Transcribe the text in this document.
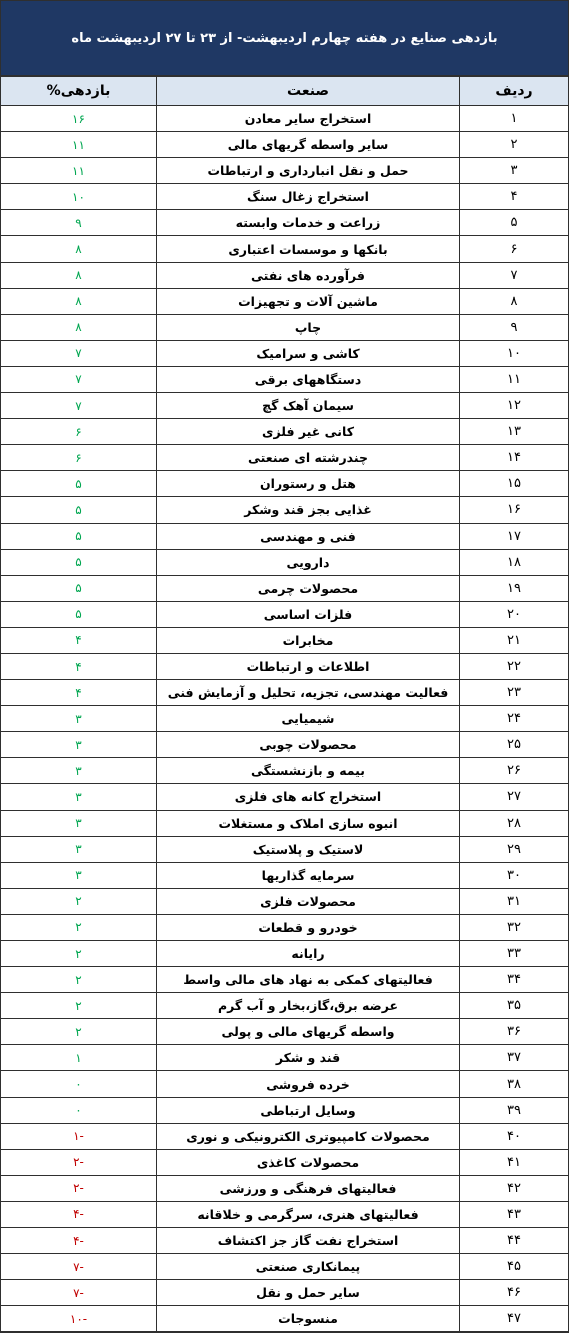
بازدهی صنایع در هفته چهارم اردیبهشت- از ۲۳ تا ۲۷ اردیبهشت ماه
ردیف	صنعت	بازدهی%
۱	استخراج سایر معادن	۱۶
۲	سایر واسطه گریهای مالی	۱۱
۳	حمل و نقل انبارداری و ارتباطات	۱۱
۴	استخراج زغال سنگ	۱۰
۵	زراعت و خدمات وابسته	۹
۶	بانکها و موسسات اعتباری	۸
۷	فرآورده های نفتی	۸
۸	ماشین آلات و تجهیزات	۸
۹	چاپ	۸
۱۰	کاشی و سرامیک	۷
۱۱	دستگاههای برقی	۷
۱۲	سیمان آهک گچ	۷
۱۳	کانی غیر فلزی	۶
۱۴	چندرشته ای صنعتی	۶
۱۵	هتل و رستوران	۵
۱۶	غذایی بجز قند وشکر	۵
۱۷	فنی و مهندسی	۵
۱۸	دارویی	۵
۱۹	محصولات چرمی	۵
۲۰	فلزات اساسی	۵
۲۱	مخابرات	۴
۲۲	اطلاعات و ارتباطات	۴
۲۳	فعالیت مهندسی، تجزیه، تحلیل و آزمایش فنی	۴
۲۴	شیمیایی	۳
۲۵	محصولات چوبی	۳
۲۶	بیمه و بازنشستگی	۳
۲۷	استخراج کانه های فلزی	۳
۲۸	انبوه سازی املاک و مستغلات	۳
۲۹	لاستیک و پلاستیک	۳
۳۰	سرمایه گذاریها	۳
۳۱	محصولات فلزی	۲
۳۲	خودرو و قطعات	۲
۳۳	رایانه	۲
۳۴	فعالیتهای کمکی به نهاد های مالی واسط	۲
۳۵	عرضه برق،گاز،بخار و آب گرم	۲
۳۶	واسطه گریهای مالی و پولی	۲
۳۷	قند و شکر	۱
۳۸	خرده فروشی	۰
۳۹	وسایل ارتباطی	۰
۴۰	محصولات کامپیوتری الکترونیکی و نوری	-۱
۴۱	محصولات کاغذی	-۲
۴۲	فعالیتهای فرهنگی و ورزشی	-۲
۴۳	فعالیتهای هنری، سرگرمی و خلاقانه	-۴
۴۴	استخراج نفت گاز جز اکتشاف	-۴
۴۵	پیمانکاری صنعتی	-۷
۴۶	سایر حمل و نقل	-۷
۴۷	منسوجات	-۱۰
